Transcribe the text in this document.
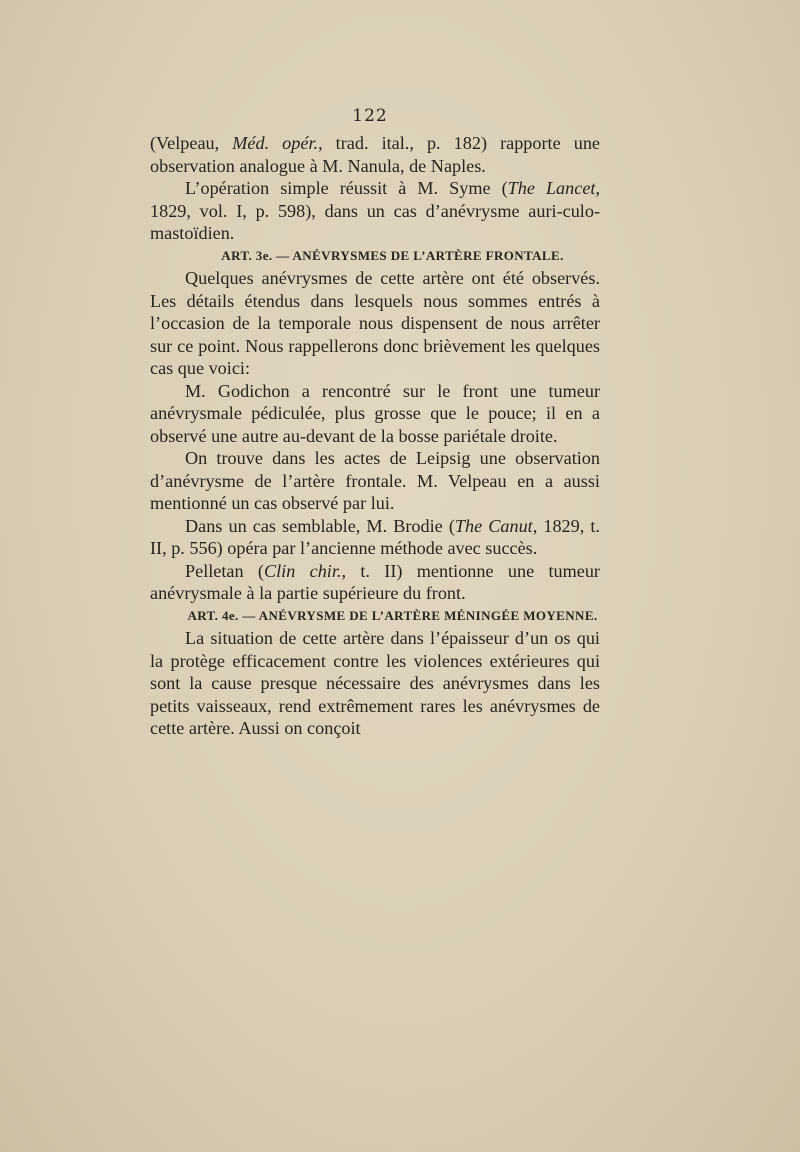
122

(Velpeau, Méd. opér., trad. ital., p. 182) rapporte une observation analogue à M. Nanula, de Naples.

L’opération simple réussit à M. Syme (The Lancet, 1829, vol. I, p. 598), dans un cas d’anévrysme auri-culo-mastoïdien.

ART. 3e. — ANÉVRYSMES DE L’ARTÈRE FRONTALE.

Quelques anévrysmes de cette artère ont été observés. Les détails étendus dans lesquels nous sommes entrés à l’occasion de la temporale nous dispensent de nous arrêter sur ce point. Nous rappellerons donc brièvement les quelques cas que voici:

M. Godichon a rencontré sur le front une tumeur anévrysmale pédiculée, plus grosse que le pouce; il en a observé une autre au-devant de la bosse pariétale droite.

On trouve dans les actes de Leipsig une observation d’anévrysme de l’artère frontale. M. Velpeau en a aussi mentionné un cas observé par lui.

Dans un cas semblable, M. Brodie (The Canut, 1829, t. II, p. 556) opéra par l’ancienne méthode avec succès.

Pelletan (Clin chir., t. II) mentionne une tumeur anévrysmale à la partie supérieure du front.

ART. 4e. — ANÉVRYSME DE L’ARTÈRE MÉNINGÉE MOYENNE.

La situation de cette artère dans l’épaisseur d’un os qui la protège efficacement contre les violences extérieures qui sont la cause presque nécessaire des anévrysmes dans les petits vaisseaux, rend extrêmement rares les anévrysmes de cette artère. Aussi on conçoit
